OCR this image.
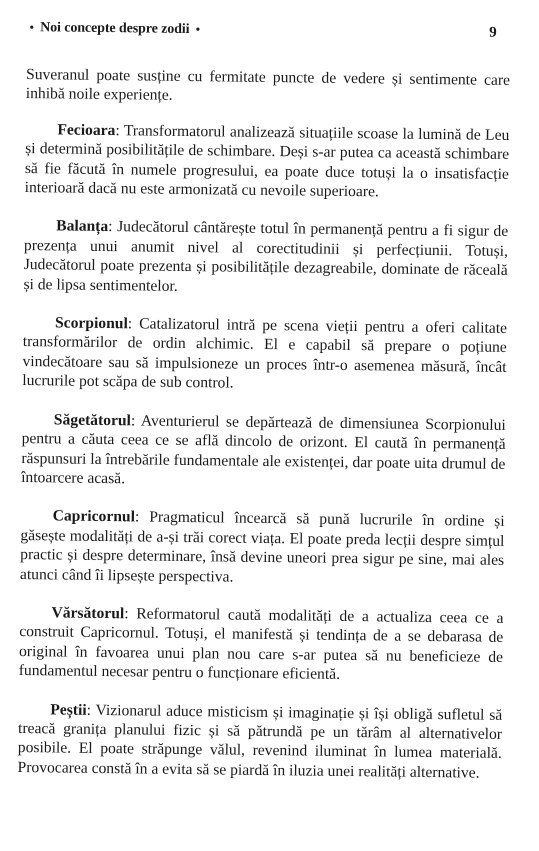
• Noi concepte despre zodii •	9

Suveranul poate susține cu fermitate puncte de vedere și sentimente care inhibă noile experiențe.

Fecioara: Transformatorul analizează situațiile scoase la lumină de Leu și determină posibilitățile de schimbare. Deși s-ar putea ca această schimbare să fie făcută în numele progresului, ea poate duce totuși la o insatisfacție interioară dacă nu este armonizată cu nevoile superioare.

Balanța: Judecătorul cântărește totul în permanență pentru a fi sigur de prezența unui anumit nivel al corectitudinii și perfecțiunii. Totuși, Judecătorul poate prezenta și posibilitățile dezagreabile, dominate de răceală și de lipsa sentimentelor.

Scorpionul: Catalizatorul intră pe scena vieții pentru a oferi calitate transformărilor de ordin alchimic. El e capabil să prepare o poțiune vindecătoare sau să impulsioneze un proces într-o asemenea măsură, încât lucrurile pot scăpa de sub control.

Săgetătorul: Aventurierul se depărtează de dimensiunea Scorpionului pentru a căuta ceea ce se află dincolo de orizont. El caută în permanență răspunsuri la întrebările fundamentale ale existenței, dar poate uita drumul de întoarcere acasă.

Capricornul: Pragmaticul încearcă să pună lucrurile în ordine și găsește modalități de a-și trăi corect viața. El poate preda lecții despre simțul practic și despre determinare, însă devine uneori prea sigur pe sine, mai ales atunci când îi lipsește perspectiva.

Vărsătorul: Reformatorul caută modalități de a actualiza ceea ce a construit Capricornul. Totuși, el manifestă și tendința de a se debarasa de original în favoarea unui plan nou care s-ar putea să nu beneficieze de fundamentul necesar pentru o funcționare eficientă.

Peștii: Vizionarul aduce misticism și imaginație și își obligă sufletul să treacă granița planului fizic și să pătrundă pe un tărâm al alternativelor posibile. El poate străpunge vălul, revenind iluminat în lumea materială. Provocarea constă în a evita să se piardă în iluzia unei realități alternative.
